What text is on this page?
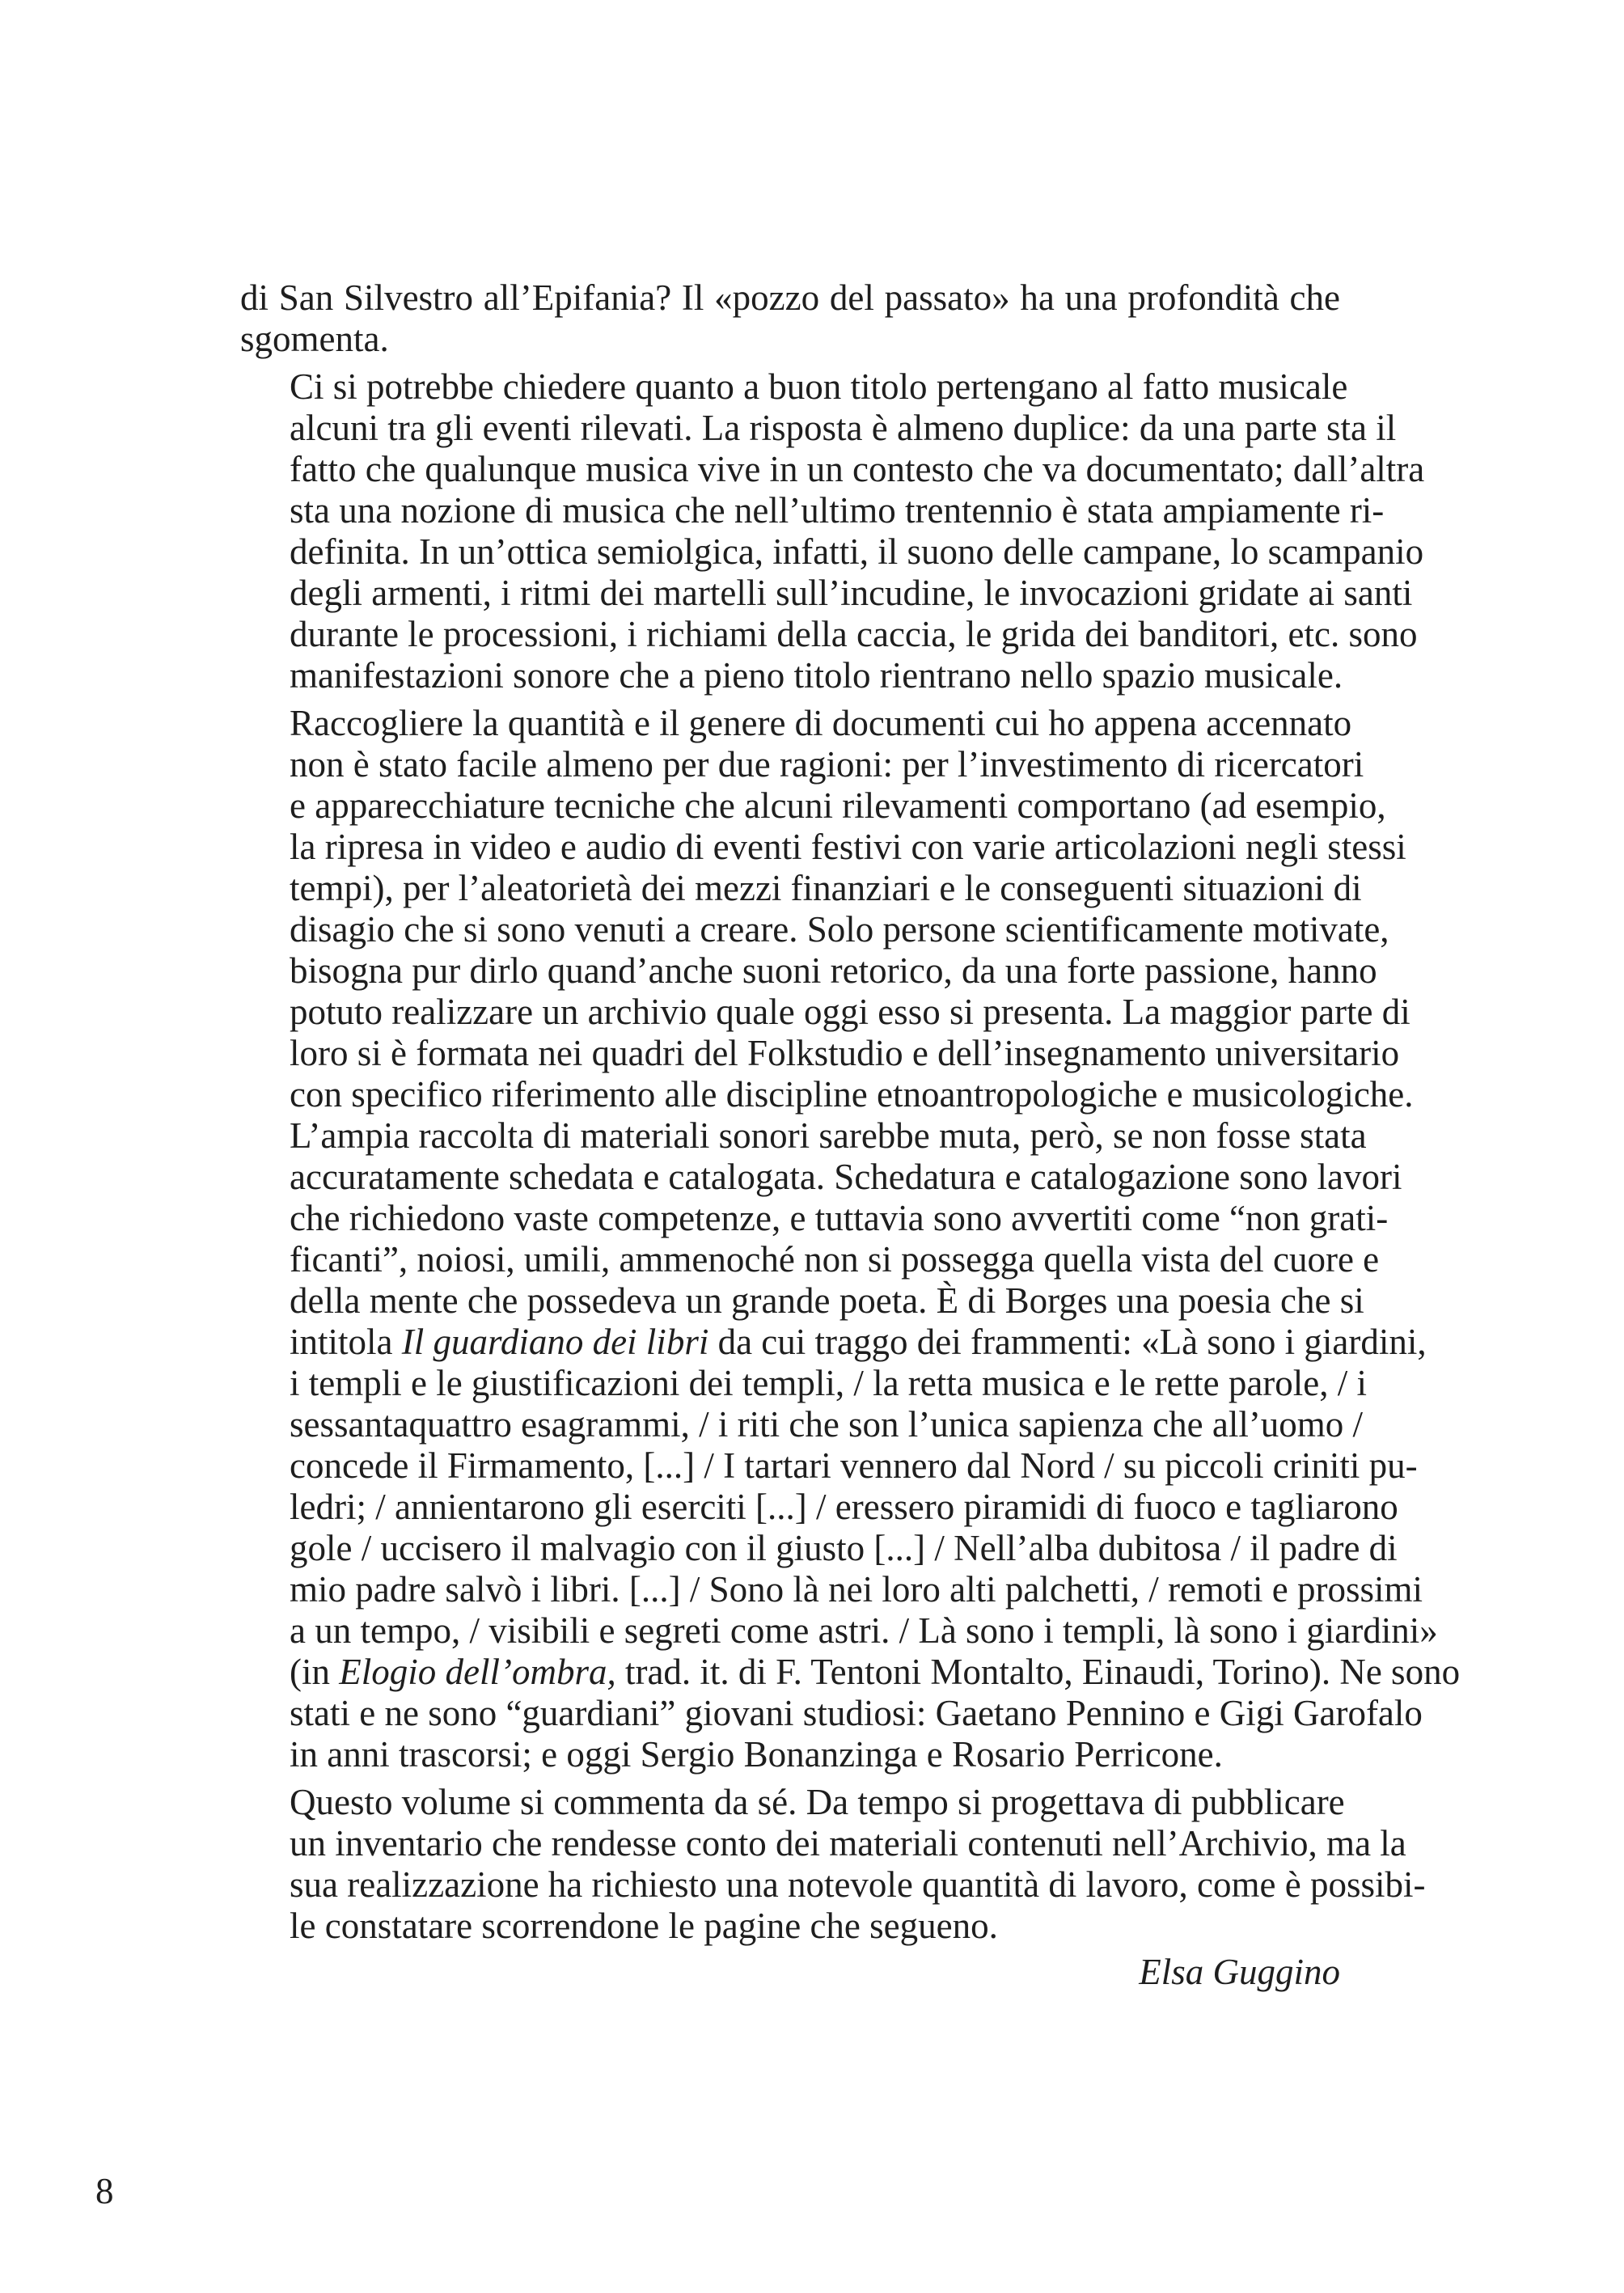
di San Silvestro all’Epifania? Il «pozzo del passato» ha una profondità che
sgomenta.

Ci si potrebbe chiedere quanto a buon titolo pertengano al fatto musicale
alcuni tra gli eventi rilevati. La risposta è almeno duplice: da una parte sta il
fatto che qualunque musica vive in un contesto che va documentato; dall’altra
sta una nozione di musica che nell’ultimo trentennio è stata ampiamente ri-
definita. In un’ottica semiolgica, infatti, il suono delle campane, lo scampanio
degli armenti, i ritmi dei martelli sull’incudine, le invocazioni gridate ai santi
durante le processioni, i richiami della caccia, le grida dei banditori, etc. sono
manifestazioni sonore che a pieno titolo rientrano nello spazio musicale.

Raccogliere la quantità e il genere di documenti cui ho appena accennato
non è stato facile almeno per due ragioni: per l’investimento di ricercatori
e apparecchiature tecniche che alcuni rilevamenti comportano (ad esempio,
la ripresa in video e audio di eventi festivi con varie articolazioni negli stessi
tempi), per l’aleatorietà dei mezzi finanziari e le conseguenti situazioni di
disagio che si sono venuti a creare. Solo persone scientificamente motivate,
bisogna pur dirlo quand’anche suoni retorico, da una forte passione, hanno
potuto realizzare un archivio quale oggi esso si presenta. La maggior parte di
loro si è formata nei quadri del Folkstudio e dell’insegnamento universitario
con specifico riferimento alle discipline etnoantropologiche e musicologiche.
L’ampia raccolta di materiali sonori sarebbe muta, però, se non fosse stata
accuratamente schedata e catalogata. Schedatura e catalogazione sono lavori
che richiedono vaste competenze, e tuttavia sono avvertiti come “non grati-
ficanti”, noiosi, umili, ammenoché non si possegga quella vista del cuore e
della mente che possedeva un grande poeta. È di Borges una poesia che si
intitola Il guardiano dei libri da cui traggo dei frammenti: «Là sono i giardini,
i templi e le giustificazioni dei templi, / la retta musica e le rette parole, / i
sessantaquattro esagrammi, / i riti che son l’unica sapienza che all’uomo /
concede il Firmamento, [...] / I tartari vennero dal Nord / su piccoli criniti pu-
ledri; / annientarono gli eserciti [...] / eressero piramidi di fuoco e tagliarono
gole / uccisero il malvagio con il giusto [...] / Nell’alba dubitosa / il padre di
mio padre salvò i libri. [...] / Sono là nei loro alti palchetti, / remoti e prossimi
a un tempo, / visibili e segreti come astri. / Là sono i templi, là sono i giardini»
(in Elogio dell’ombra, trad. it. di F. Tentoni Montalto, Einaudi, Torino). Ne sono
stati e ne sono “guardiani” giovani studiosi: Gaetano Pennino e Gigi Garofalo
in anni trascorsi; e oggi Sergio Bonanzinga e Rosario Perricone.

Questo volume si commenta da sé. Da tempo si progettava di pubblicare
un inventario che rendesse conto dei materiali contenuti nell’Archivio, ma la
sua realizzazione ha richiesto una notevole quantità di lavoro, come è possibi-
le constatare scorrendone le pagine che segueno.

Elsa Guggino

8
